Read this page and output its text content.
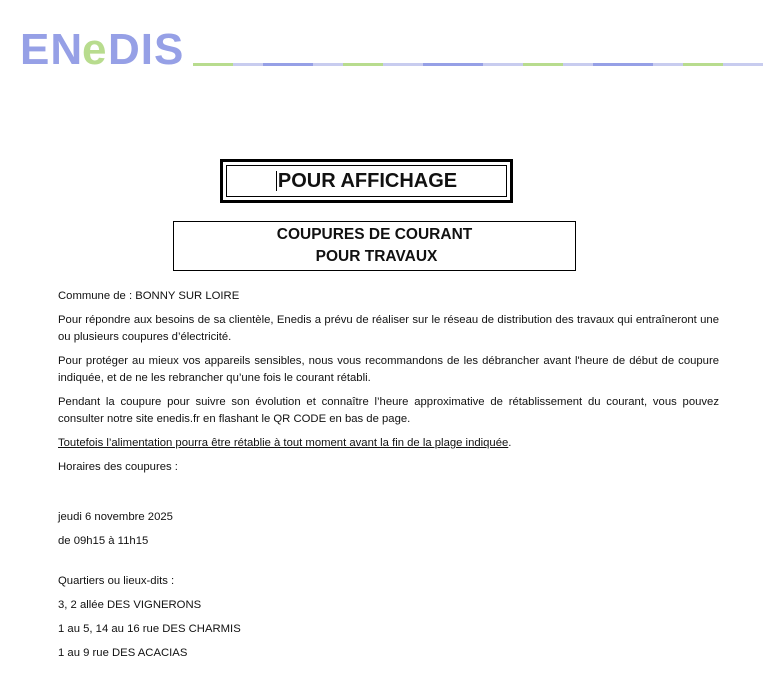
EN
e DIS
POUR AFFICHAGE
COUPURES DE COURANT
POUR TRAVAUX

Commune de : BONNY SUR LOIRE

Pour répondre aux besoins de sa clientèle, Enedis a prévu de réaliser sur le réseau de distribution des travaux qui entraîneront une ou plusieurs coupures d’électricité.

Pour protéger au mieux vos appareils sensibles, nous vous recommandons de les débrancher avant l'heure de début de coupure indiquée, et de ne les rebrancher qu’une fois le courant rétabli.

Pendant la coupure pour suivre son évolution et connaître l’heure approximative de rétablissement du courant, vous pouvez consulter notre site enedis.fr en flashant le QR CODE en bas de page.

Toutefois l’alimentation pourra être rétablie à tout moment avant la fin de la plage indiquée.

Horaires des coupures :

jeudi 6 novembre 2025

de 09h15 à 11h15

Quartiers ou lieux-dits :

3, 2 allée DES VIGNERONS

1 au 5, 14 au 16 rue DES CHARMIS

1 au 9 rue DES ACACIAS
